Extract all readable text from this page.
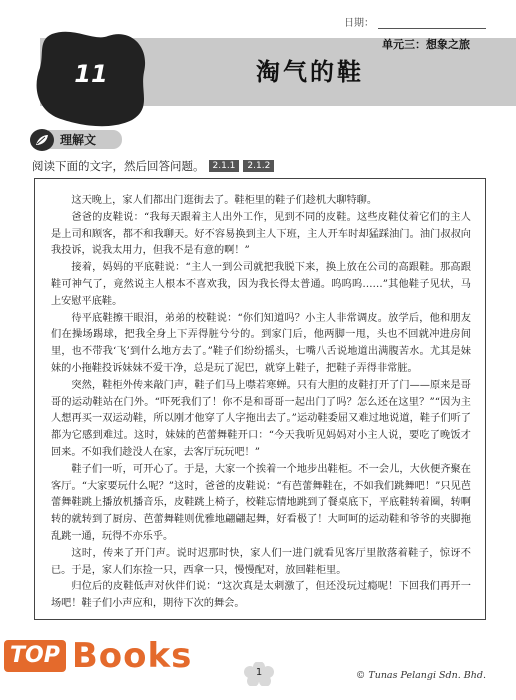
日期：
单元三：想象之旅
11	淘气的鞋
理解文
阅读下面的文字，然后回答问题。 2.1.1	2.1.2

这天晚上，家人们都出门逛街去了。鞋柜里的鞋子们趁机大聊特聊。

爸爸的皮鞋说：“我每天跟着主人出外工作，见到不同的皮鞋。这些皮鞋仗着它们的主人是上司和顾客，都不和我聊天。好不容易换到主人下班，主人开车时却猛踩油门。油门叔叔向我投诉，说我太用力，但我不是有意的啊！”

接着，妈妈的平底鞋说：“主人一到公司就把我脱下来，换上放在公司的高跟鞋。那高跟鞋可神气了，竟然说主人根本不喜欢我，因为我长得太普通。呜呜呜……”其他鞋子见状，马上安慰平底鞋。

待平底鞋擦干眼泪，弟弟的校鞋说：“你们知道吗？小主人非常调皮。放学后，他和朋友们在操场踢球，把我全身上下弄得脏兮兮的。到家门后，他两脚一甩，头也不回就冲进房间里，也不带我‘飞’到什么地方去了。”鞋子们纷纷摇头，七嘴八舌说地道出满腹苦水。尤其是妹妹的小拖鞋投诉妹妹不爱干净，总是玩了泥巴，就穿上鞋子，把鞋子弄得非常脏。

突然，鞋柜外传来敲门声，鞋子们马上噤若寒蝉。只有大胆的皮鞋打开了门——原来是哥哥的运动鞋站在门外。“吓死我们了！你不是和哥哥一起出门了吗？怎么还在这里？”“因为主人想再买一双运动鞋，所以刚才他穿了人字拖出去了。”运动鞋委屈又难过地说道，鞋子们听了都为它感到难过。这时，妹妹的芭蕾舞鞋开口：“今天我听见妈妈对小主人说，要吃了晚饭才回来。不如我们趁没人在家，去客厅玩玩吧！”

鞋子们一听，可开心了。于是，大家一个挨着一个地步出鞋柜。不一会儿，大伙便齐聚在客厅。“大家要玩什么呢？”这时，爸爸的皮鞋说：“有芭蕾舞鞋在，不如我们跳舞吧！”只见芭蕾舞鞋跳上播放机播音乐，皮鞋跳上椅子，校鞋忘情地跳到了餐桌底下，平底鞋转着圈，转啊转的就转到了厨房、芭蕾舞鞋则优雅地翩翩起舞，好看极了！大呵呵的运动鞋和爷爷的夹脚拖乱跳一通，玩得不亦乐乎。

这时，传来了开门声。说时迟那时快，家人们一进门就看见客厅里散落着鞋子，惊讶不已。于是，家人们东捡一只，西拿一只，慢慢配对，放回鞋柜里。

归位后的皮鞋低声对伙伴们说：“这次真是太刺激了，但还没玩过瘾呢！下回我们再开一场吧！鞋子们小声应和，期待下次的舞会。

1	© Tunas Pelangi Sdn. Bhd.
TOP Books
